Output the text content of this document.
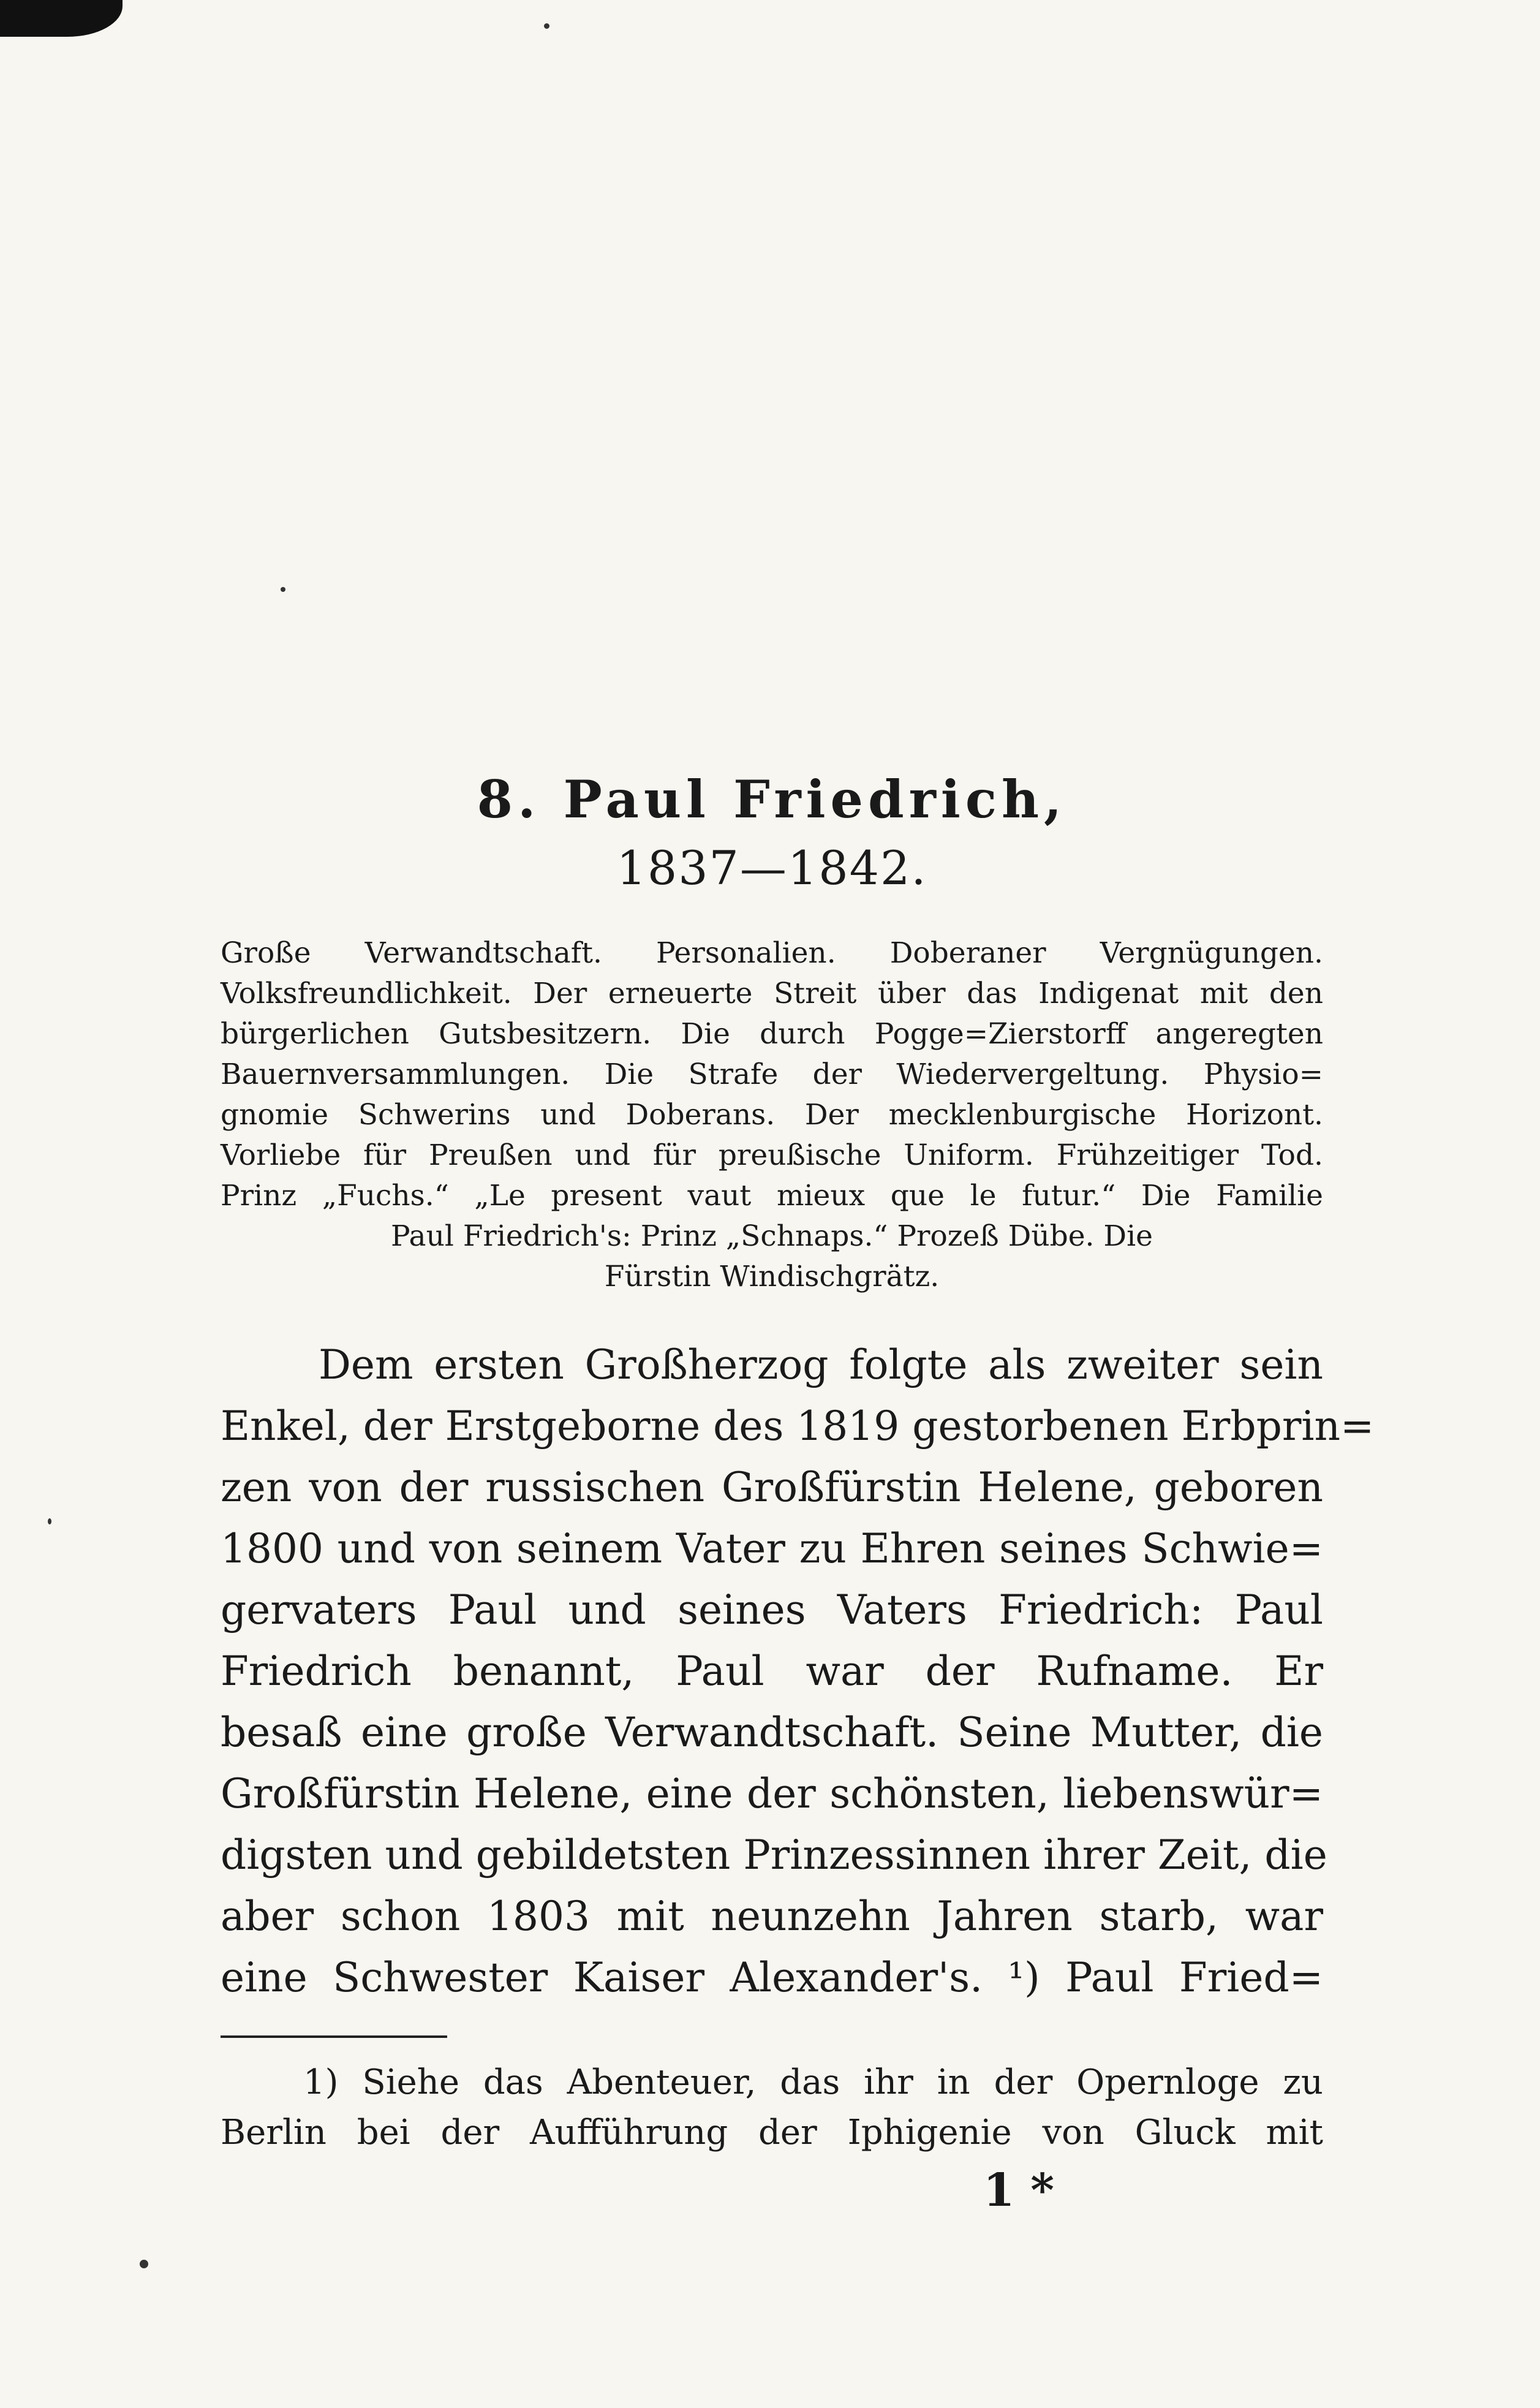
8. Paul Friedrich,
1837—1842.
Große Verwandtschaft. Personalien. Doberaner Vergnügungen.
Volksfreundlichkeit. Der erneuerte Streit über das Indigenat mit den
bürgerlichen Gutsbesitzern. Die durch Pogge=Zierstorff angeregten
Bauernversammlungen. Die Strafe der Wiedervergeltung. Physio=
gnomie Schwerins und Doberans. Der mecklenburgische Horizont.
Vorliebe für Preußen und für preußische Uniform. Frühzeitiger Tod.
Prinz „Fuchs.“ „Le present vaut mieux que le futur.“ Die Familie
Paul Friedrich's: Prinz „Schnaps.“ Prozeß Dübe. Die
Fürstin Windischgrätz.
Dem ersten Großherzog folgte als zweiter sein
Enkel, der Erstgeborne des 1819 gestorbenen Erbprin=
zen von der russischen Großfürstin Helene, geboren
1800 und von seinem Vater zu Ehren seines Schwie=
gervaters Paul und seines Vaters Friedrich: Paul
Friedrich benannt, Paul war der Rufname. Er
besaß eine große Verwandtschaft. Seine Mutter, die
Großfürstin Helene, eine der schönsten, liebenswür=
digsten und gebildetsten Prinzessinnen ihrer Zeit, die
aber schon 1803 mit neunzehn Jahren starb, war
eine Schwester Kaiser Alexander's. ¹) Paul Fried=
1) Siehe das Abenteuer, das ihr in der Opernloge zu
Berlin bei der Aufführung der Iphigenie von Gluck mit
1 *
